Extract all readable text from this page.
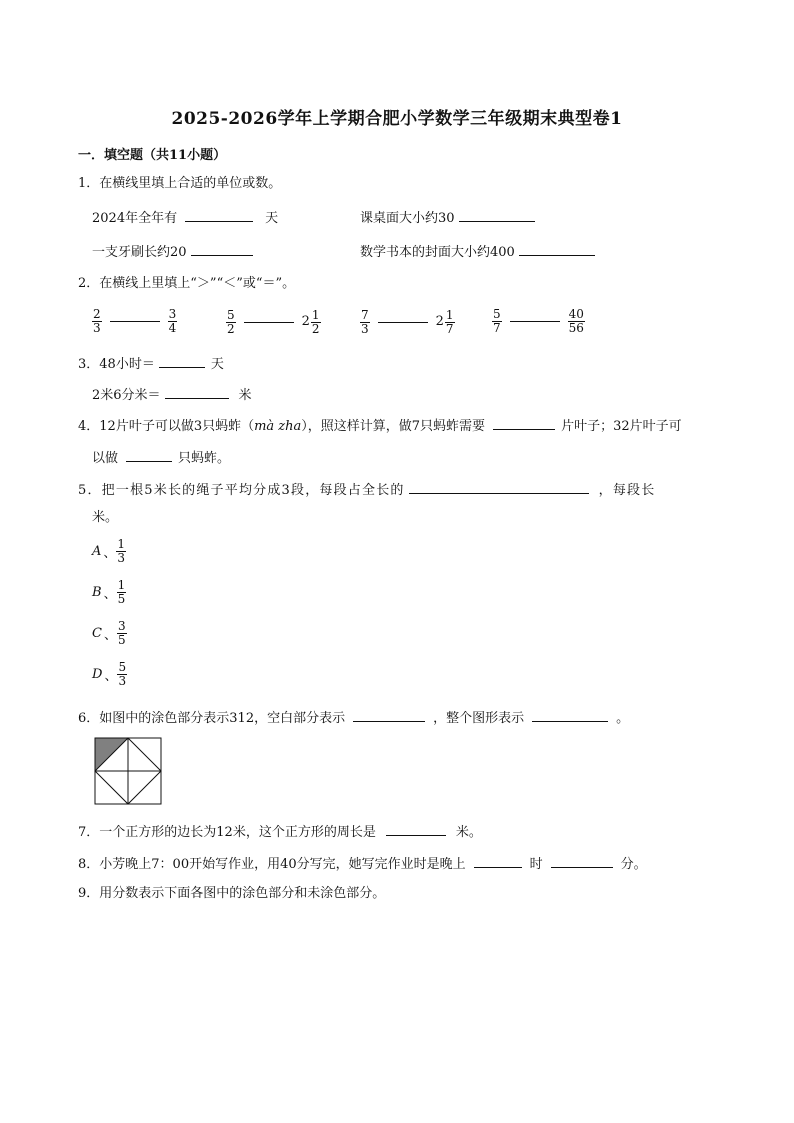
2025-2026学年上学期合肥小学数学三年级期末典型卷1
一．填空题（共11小题）
1．在横线里填上合适的单位或数。
2024年全年有	天	课桌面大小约30
一支牙刷长约20	数学书本的封面大小约400
2．在横线上里填上“＞”“＜”或“＝”。
$\frac{2}{3}$	$\frac{3}{4}$	$\frac{5}{2}$	$2 \frac{1}{2}$	$\frac{7}{3}$	$2 \frac{1}{7}$	$\frac{5}{7}$	$\frac{40}{56}$
3．48小时＝	天
2米6分米＝	米
4．12片叶子可以做3只蚂蚱（mà zha），照这样计算，做7只蚂蚱需要	片叶子；32片叶子可
以做	只蚂蚱。
5．把一根5米长的绳子平均分成3段，每段占全长的	，每段长
米。
A 、 $\frac{1}{3}$
B 、 $\frac{1}{5}$
C 、 $\frac{3}{5}$
D 、 $\frac{5}{3}$
6．如图中的涂色部分表示312，空白部分表示	，整个图形表示	。
7．一个正方形的边长为12米，这个正方形的周长是	米。
8．小芳晚上7：00开始写作业，用40分写完，她写完作业时是晚上	时	分。
9．用分数表示下面各图中的涂色部分和未涂色部分。
